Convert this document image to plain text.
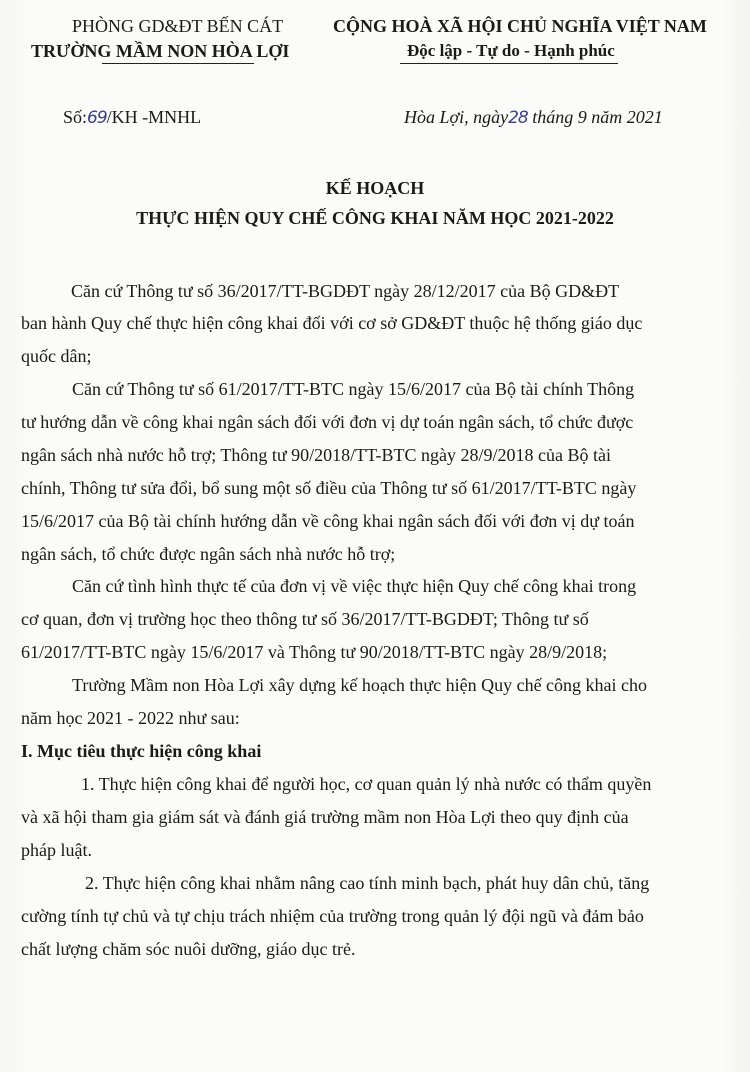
PHÒNG GD&ĐT BẾN CÁT
TRƯỜNG MẦM NON HÒA LỢI
CỘNG HOÀ XÃ HỘI CHỦ NGHĨA VIỆT NAM
Độc lập - Tự do - Hạnh phúc
Số:69/KH -MNHL	Hòa Lợi, ngày28 tháng 9 năm 2021
KẾ HOẠCH
THỰC HIỆN QUY CHẾ CÔNG KHAI NĂM HỌC 2021-2022
Căn cứ Thông tư số 36/2017/TT-BGDĐT ngày 28/12/2017 của Bộ GD&ĐT
ban hành Quy chế thực hiện công khai đối với cơ sở GD&ĐT thuộc hệ thống giáo dục
quốc dân;
Căn cứ Thông tư số 61/2017/TT-BTC ngày 15/6/2017 của Bộ tài chính Thông
tư hướng dẫn về công khai ngân sách đối với đơn vị dự toán ngân sách, tổ chức được
ngân sách nhà nước hỗ trợ; Thông tư 90/2018/TT-BTC ngày 28/9/2018 của Bộ tài
chính, Thông tư sửa đổi, bổ sung một số điều của Thông tư số 61/2017/TT-BTC ngày
15/6/2017 của Bộ tài chính hướng dẫn về công khai ngân sách đối với đơn vị dự toán
ngân sách, tổ chức được ngân sách nhà nước hỗ trợ;
Căn cứ tình hình thực tế của đơn vị về việc thực hiện Quy chế công khai trong
cơ quan, đơn vị trường học theo thông tư số 36/2017/TT-BGDĐT; Thông tư số
61/2017/TT-BTC ngày 15/6/2017 và Thông tư 90/2018/TT-BTC ngày 28/9/2018;
Trường Mầm non Hòa Lợi xây dựng kế hoạch thực hiện Quy chế công khai cho
năm học 2021 - 2022 như sau:
I. Mục tiêu thực hiện công khai
1. Thực hiện công khai để người học, cơ quan quản lý nhà nước có thẩm quyền
và xã hội tham gia giám sát và đánh giá trường mầm non Hòa Lợi theo quy định của
pháp luật.
2. Thực hiện công khai nhằm nâng cao tính minh bạch, phát huy dân chủ, tăng
cường tính tự chủ và tự chịu trách nhiệm của trường trong quản lý đội ngũ và đảm bảo
chất lượng chăm sóc nuôi dưỡng, giáo dục trẻ.
